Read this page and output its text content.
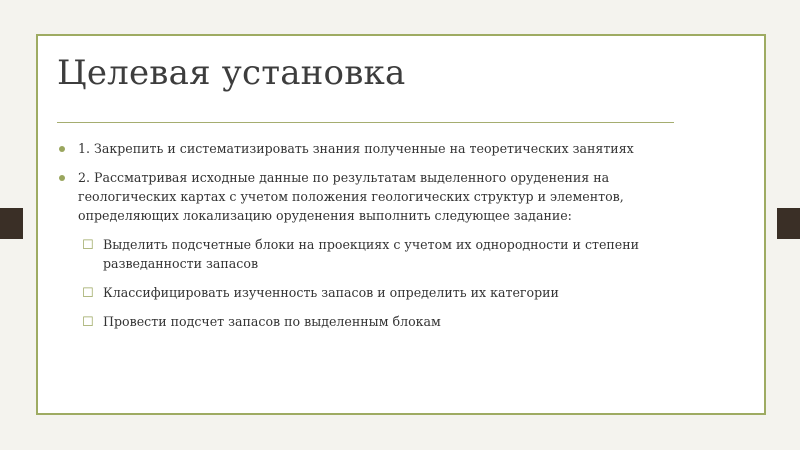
Целевая установка
1. Закрепить и систематизировать знания полученные на теоретических занятиях
2. Рассматривая исходные данные по результатам выделенного оруденения на геологических картах с учетом положения геологических структур и элементов, определяющих локализацию оруденения выполнить следующее задание:
☐ Выделить подсчетные блоки на проекциях с учетом их однородности и степени разведанности запасов
☐ Классифицировать изученность запасов и определить их категории
☐ Провести подсчет запасов по выделенным блокам
